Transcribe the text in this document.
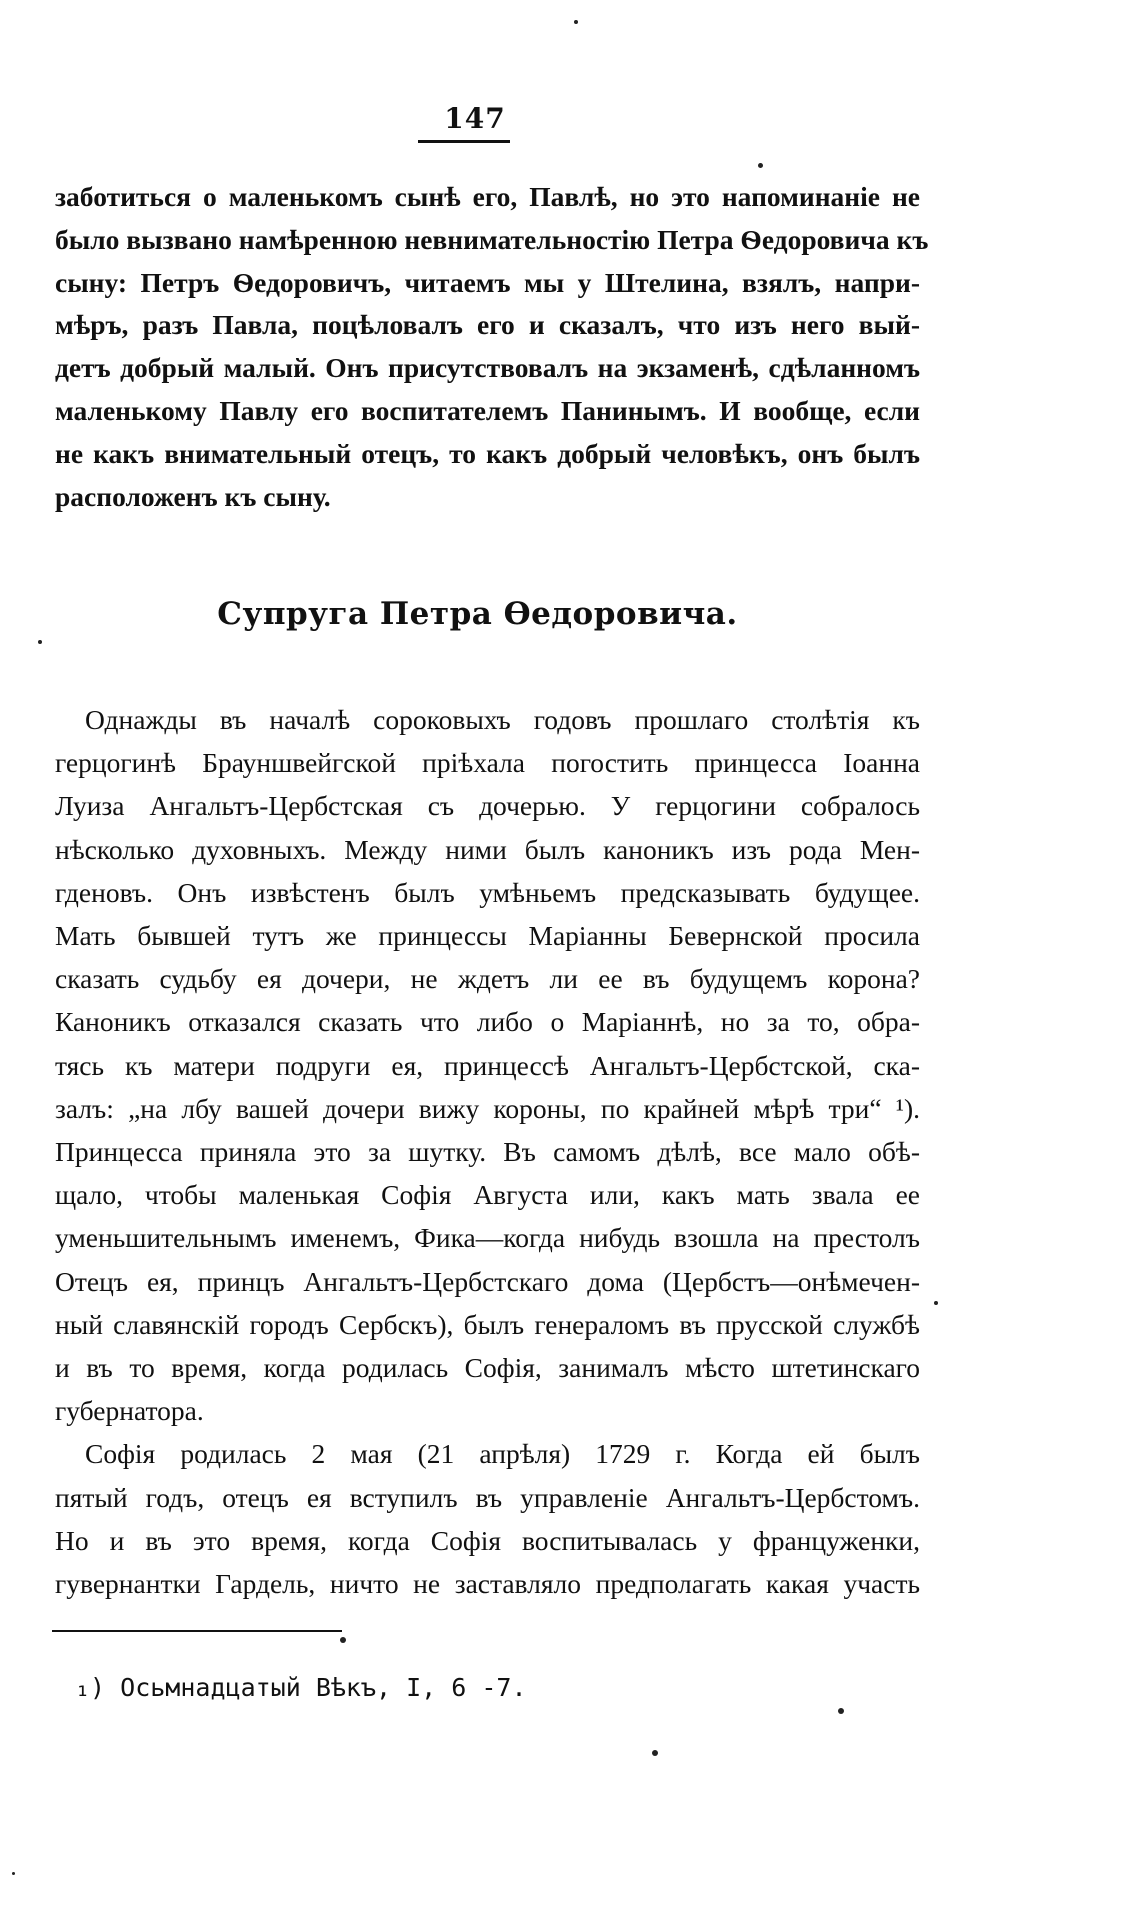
147
заботиться о маленькомъ сынѣ его, Павлѣ, но это напоминаніе не
было вызвано намѣренною невнимательностію Петра Ѳедоровича къ
сыну: Петръ Ѳедоровичъ, читаемъ мы у Штелина, взялъ, напри-
мѣръ, разъ Павла, поцѣловалъ его и сказалъ, что изъ него вый-
детъ добрый малый. Онъ присутствовалъ на экзаменѣ, сдѣланномъ
маленькому Павлу его воспитателемъ Панинымъ. И вообще, если
не какъ внимательный отецъ, то какъ добрый человѣкъ, онъ былъ
расположенъ къ сыну.
Супруга Петра Ѳедоровича.
Однажды въ началѣ сороковыхъ годовъ прошлаго столѣтія къ
герцогинѣ Брауншвейгской пріѣхала погостить принцесса Іоанна
Луиза Ангальтъ-Цербстская съ дочерью. У герцогини собралось
нѣсколько духовныхъ. Между ними былъ каноникъ изъ рода Мен-
гденовъ. Онъ извѣстенъ былъ умѣньемъ предсказывать будущее.
Мать бывшей тутъ же принцессы Маріанны Бевернской просила
сказать судьбу ея дочери, не ждетъ ли ее въ будущемъ корона?
Каноникъ отказался сказать что либо о Маріаннѣ, но за то, обра-
тясь къ матери подруги ея, принцессѣ Ангальтъ-Цербстской, ска-
залъ: „на лбу вашей дочери вижу короны, по крайней мѣрѣ три“ ¹).
Принцесса приняла это за шутку. Въ самомъ дѣлѣ, все мало обѣ-
щало, чтобы маленькая Софія Августа или, какъ мать звала ее
уменьшительнымъ именемъ, Фика—когда нибудь взошла на престолъ
Отецъ ея, принцъ Ангальтъ-Цербстскаго дома (Цербстъ—онѣмечен-
ный славянскій городъ Сербскъ), былъ генераломъ въ прусской службѣ
и въ то время, когда родилась Софія, занималъ мѣсто штетинскаго
губернатора.
Софія родилась 2 мая (21 апрѣля) 1729 г. Когда ей былъ
пятый годъ, отецъ ея вступилъ въ управленіе Ангальтъ-Цербстомъ.
Но и въ это время, когда Софія воспитывалась у француженки,
гувернантки Гардель, ничто не заставляло предполагать какая участь
₁) Осьмнадцатый Вѣкъ, I, 6 -7.
